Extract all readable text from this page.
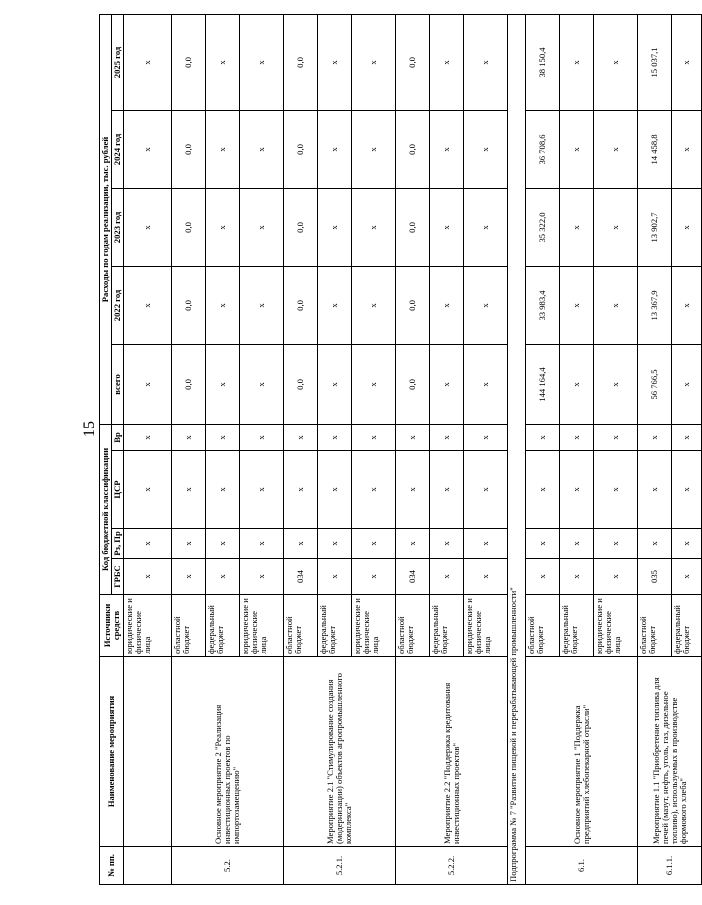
15
№ пп.	Наименование мероприятия	Источники средств	Код бюджетной классификации				Расходы по годам реализации, тыс. рублей				
			ГРБС	Рз, Пр	ЦСР	Вр	всего	2022 год	2023 год	2024 год	2025 год
		юридические и физические лица	x	x	x	x	x	x	x	x	x
5.2.	Основное мероприятие 2 "Реализация инвестиционных проектов по импортозамещению"	областной бюджет	x	x	x	x	0,0	0,0	0,0	0,0	0,0
		федеральный бюджет	x	x	x	x	x	x	x	x	x
		юридические и физические лица	x	x	x	x	x	x	x	x	x
5.2.1.	Мероприятие 2.1 "Стимулирование создания (модернизации) объектов агропромышленного комплекса"	областной бюджет	034	x	x	x	0,0	0,0	0,0	0,0	0,0
		федеральный бюджет	x	x	x	x	x	x	x	x	x
		юридические и физические лица	x	x	x	x	x	x	x	x	x
5.2.2.	Мероприятие 2.2 "Поддержка кредитования инвестиционных проектов"	областной бюджет	034	x	x	x	0,0	0,0	0,0	0,0	0,0
		федеральный бюджет	x	x	x	x	x	x	x	x	x
		юридические и физические лица	x	x	x	x	x	x	x	x	x
Подпрограмма № 7 "Развитие пищевой и перерабатывающей промышленности"											
6.1.	Основное мероприятие 1 "Поддержка предприятий хлебопекарной отрасли"	областной бюджет	x	x	x	x	144 164,4	33 983,4	35 322,0	36 708,6	38 150,4
		федеральный бюджет	x	x	x	x	x	x	x	x	x
		юридические и физические лица	x	x	x	x	x	x	x	x	x
6.1.1.	Мероприятие 1.1 "Приобретение топлива для печей (мазут, нефть, уголь, газ, дизельное топливо), используемых в производстве формового хлеба"	областной бюджет	035	x	x	x	56 766,5	13 367,9	13 902,7	14 458,8	15 037,1
		федеральный бюджет	x	x	x	x	x	x	x	x	x
